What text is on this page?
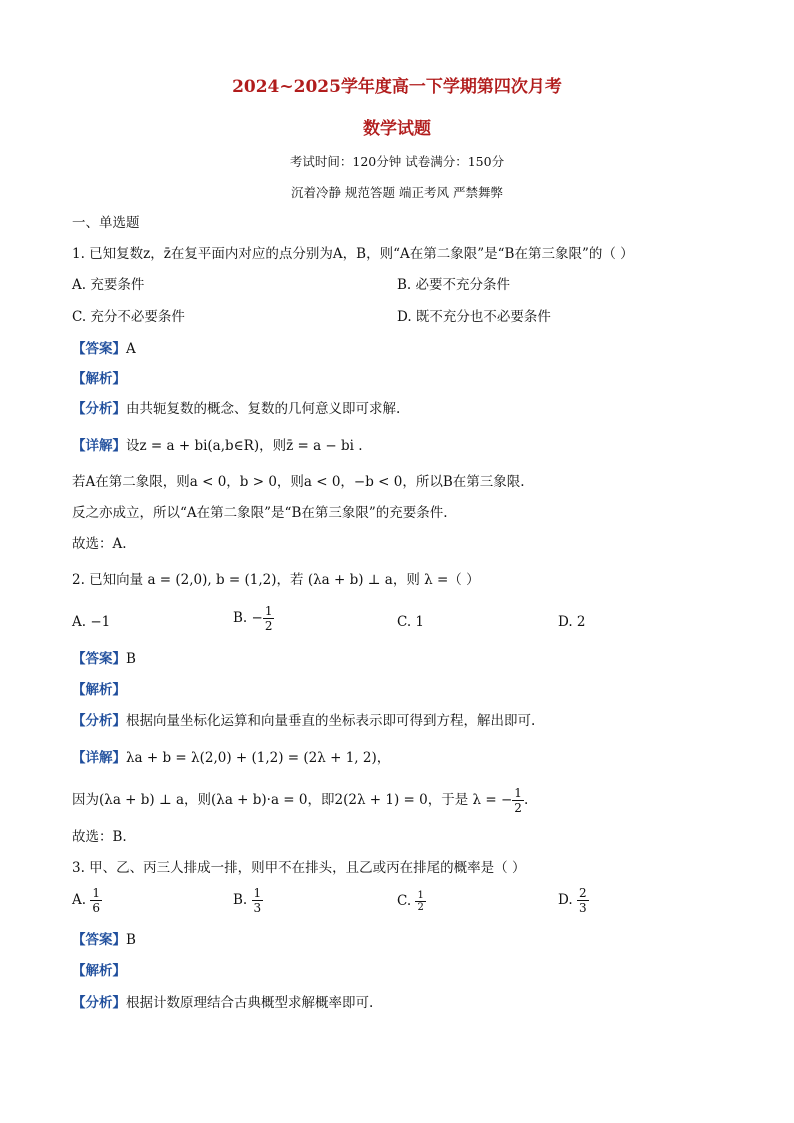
2024~2025学年度高一下学期第四次月考
数学试题
考试时间：120分钟 试卷满分：150分
沉着冷静 规范答题 端正考风 严禁舞弊
一、单选题
1. 已知复数z，z̄在复平面内对应的点分别为A，B，则“A在第二象限”是“B在第三象限”的（ ）
A. 充要条件	B. 必要不充分条件
C. 充分不必要条件	D. 既不充分也不必要条件
【答案】A
【解析】
【分析】由共轭复数的概念、复数的几何意义即可求解.
【详解】设z = a + bi(a,b∈R)，则z̄ = a − bi .
若A在第二象限，则a < 0，b > 0，则a < 0，−b < 0，所以B在第三象限.
反之亦成立，所以“A在第二象限”是“B在第三象限”的充要条件.
故选：A.
2. 已知向量 a = (2,0), b = (1,2)，若 (λa + b) ⊥ a，则 λ =（ ）
A. −1	B. − $\frac{1}{2}$	C. 1	D. 2
【答案】B
【解析】
【分析】根据向量坐标化运算和向量垂直的坐标表示即可得到方程，解出即可.
【详解】λa + b = λ(2,0) + (1,2) = (2λ + 1, 2)，
因为(λa + b) ⊥ a，则(λa + b)·a = 0，即2(2λ + 1) = 0，于是 λ = − $\frac{1}{2}$ .
故选：B.
3. 甲、乙、丙三人排成一排，则甲不在排头，且乙或丙在排尾的概率是（ ）
A. $\frac{1}{6}$	B. $\frac{1}{3}$	C. $\frac{1}{2}$	D. $\frac{2}{3}$
【答案】B
【解析】
【分析】根据计数原理结合古典概型求解概率即可.
